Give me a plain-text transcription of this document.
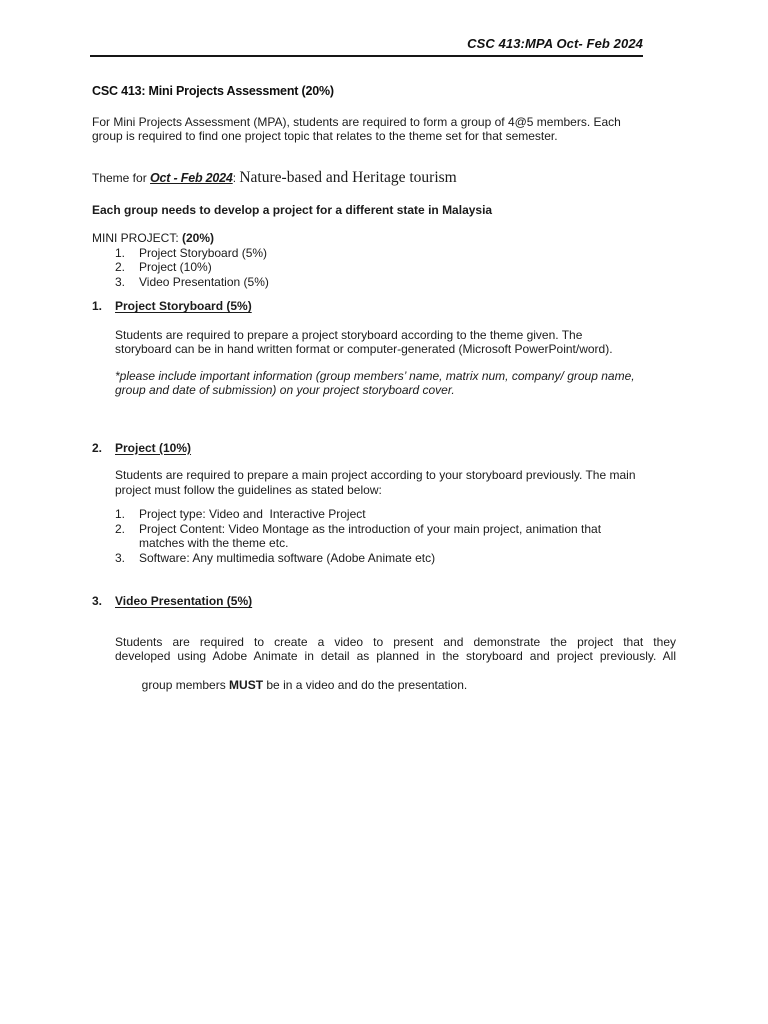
CSC 413:MPA Oct- Feb 2024
CSC 413: Mini Projects Assessment (20%)
For Mini Projects Assessment (MPA), students are required to form a group of 4@5 members. Each
group is required to find one project topic that relates to the theme set for that semester.
Theme for Oct - Feb 2024: Nature-based and Heritage tourism
Each group needs to develop a project for a different state in Malaysia
MINI PROJECT: (20%)
1.	Project Storyboard (5%)
2.	Project (10%)
3.	Video Presentation (5%)
1.	Project Storyboard (5%)
Students are required to prepare a project storyboard according to the theme given. The
storyboard can be in hand written format or computer-generated (Microsoft PowerPoint/word).
*please include important information (group members’ name, matrix num, company/ group name,
group and date of submission) on your project storyboard cover.
2.	Project (10%)
Students are required to prepare a main project according to your storyboard previously. The main
project must follow the guidelines as stated below:
1.	Project type: Video and  Interactive Project
2.	Project Content: Video Montage as the introduction of your main project, animation that
matches with the theme etc.
3.	Software: Any multimedia software (Adobe Animate etc)
3.	Video Presentation (5%)
Students are required to create a video to present and demonstrate the project that they
developed using Adobe Animate in detail as planned in the storyboard and project previously. All

group members MUST be in a video and do the presentation.
